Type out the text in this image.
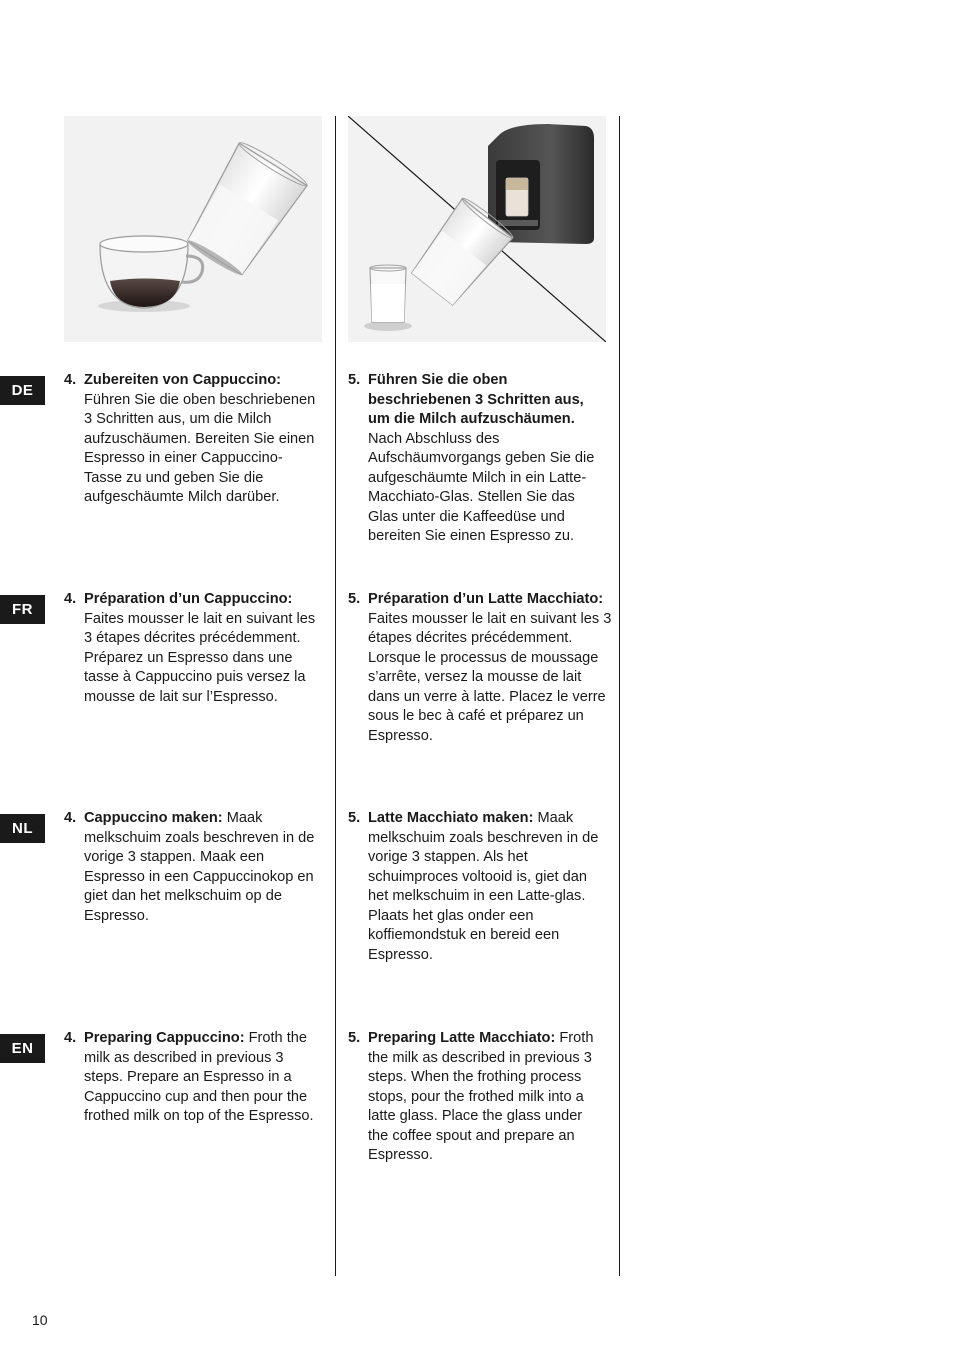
DE
4. Zubereiten von Cappuccino: Führen Sie die oben beschriebenen 3 Schritten aus, um die Milch aufzuschäumen. Bereiten Sie einen Espresso in einer Cappuccino-Tasse zu und geben Sie die aufgeschäumte Milch darüber.
5. Führen Sie die oben beschriebenen 3 Schritten aus, um die Milch aufzuschäumen. Nach Abschluss des Aufschäumvorgangs geben Sie die aufgeschäumte Milch in ein Latte-Macchiato-Glas. Stellen Sie das Glas unter die Kaffeedüse und bereiten Sie einen Espresso zu.
FR
4. Préparation d’un Cappuccino: Faites mousser le lait en suivant les 3 étapes décrites précédemment. Préparez un Espresso dans une tasse à Cappuccino puis versez la mousse de lait sur l’Espresso.
5. Préparation d’un Latte Macchiato: Faites mousser le lait en suivant les 3 étapes décrites précédemment. Lorsque le processus de moussage s’arrête, versez la mousse de lait dans un verre à latte. Placez le verre sous le bec à café et préparez un Espresso.
NL
4. Cappuccino maken: Maak melkschuim zoals beschreven in de vorige 3 stappen. Maak een Espresso in een Cappuccinokop en giet dan het melkschuim op de Espresso.
5. Latte Macchiato maken: Maak melkschuim zoals beschreven in de vorige 3 stappen. Als het schuimproces voltooid is, giet dan het melkschuim in een Latte-glas. Plaats het glas onder een koffiemondstuk en bereid een Espresso.
EN
4. Preparing Cappuccino: Froth the milk as described in previous 3 steps. Prepare an Espresso in a Cappuccino cup and then pour the frothed milk on top of the Espresso.
5. Preparing Latte Macchiato: Froth the milk as described in previous 3 steps. When the frothing process stops, pour the frothed milk into a latte glass. Place the glass under the coffee spout and prepare an Espresso.
10
